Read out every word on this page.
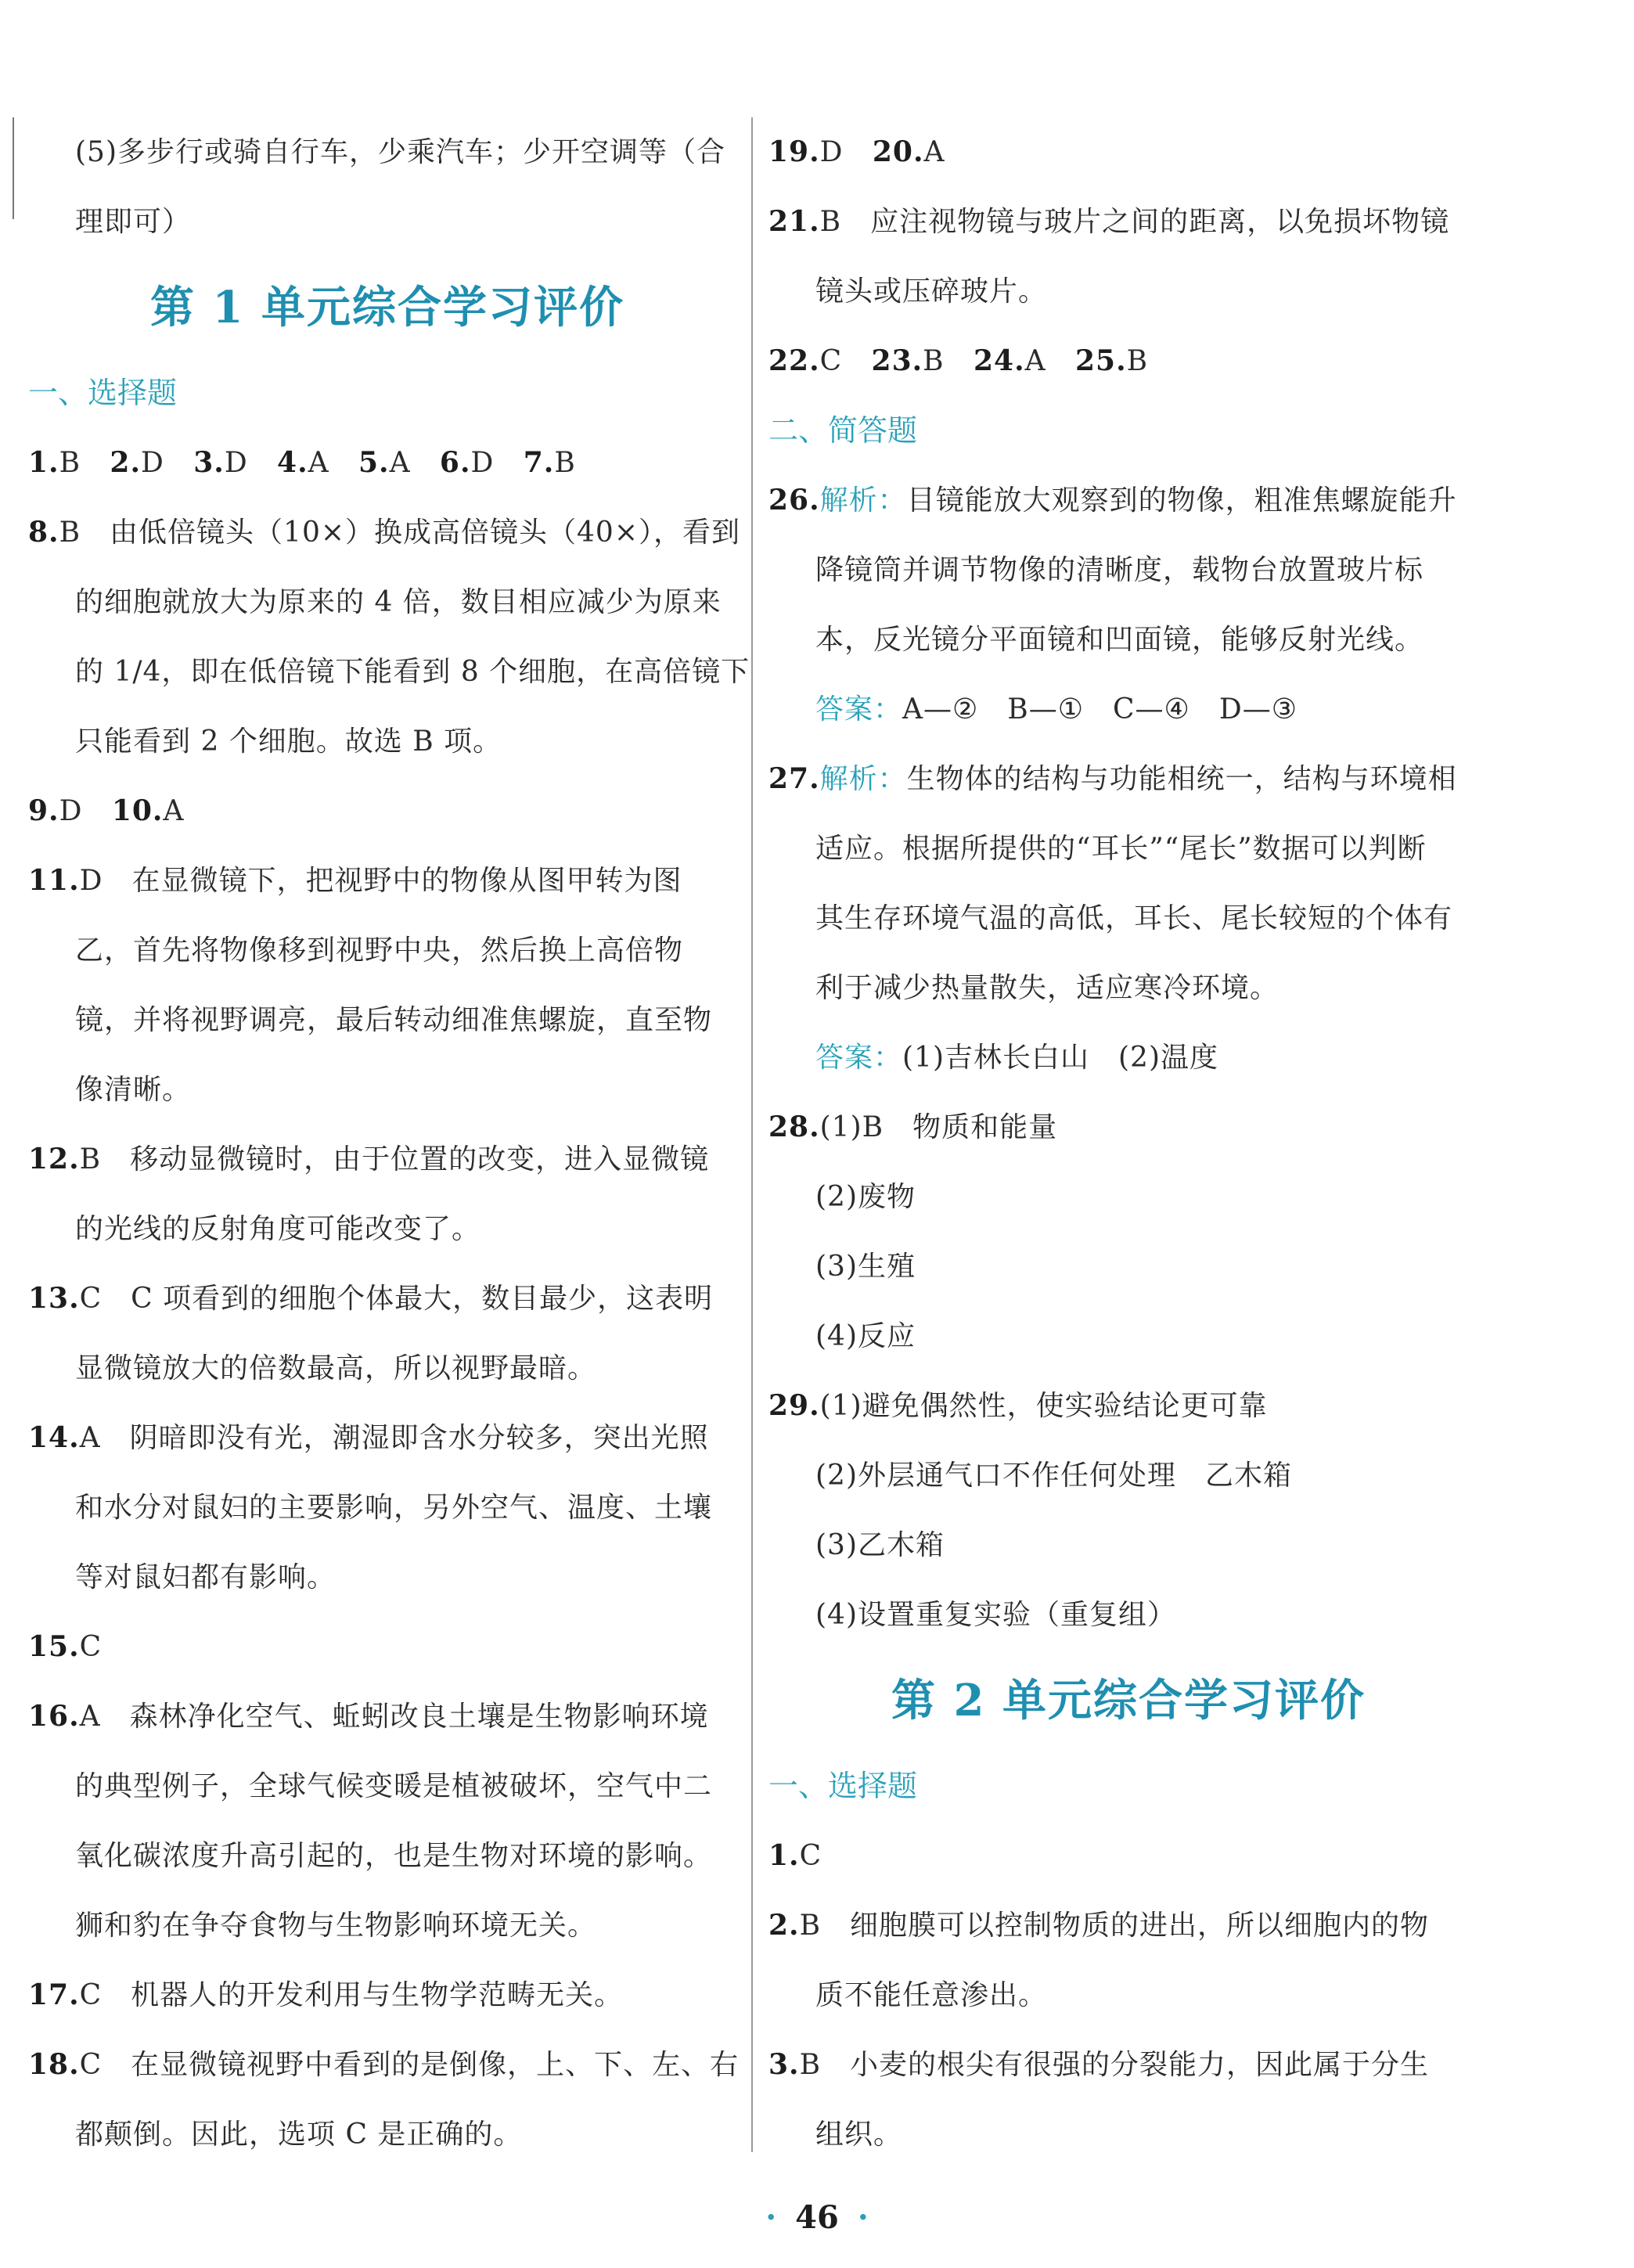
(5)多步行或骑自行车，少乘汽车；少开空调等（合
理即可）
第 1 单元综合学习评价
一、选择题
1.B 2.D 3.D 4.A 5.A 6.D 7.B
8.B　由低倍镜头（10×）换成高倍镜头（40×），看到
的细胞就放大为原来的 4 倍，数目相应减少为原来
的 1/4，即在低倍镜下能看到 8 个细胞，在高倍镜下
只能看到 2 个细胞。故选 B 项。
9.D 10.A
11.D　在显微镜下，把视野中的物像从图甲转为图
乙，首先将物像移到视野中央，然后换上高倍物
镜，并将视野调亮，最后转动细准焦螺旋，直至物
像清晰。
12.B　移动显微镜时，由于位置的改变，进入显微镜
的光线的反射角度可能改变了。
13.C　C 项看到的细胞个体最大，数目最少，这表明
显微镜放大的倍数最高，所以视野最暗。
14.A　阴暗即没有光，潮湿即含水分较多，突出光照
和水分对鼠妇的主要影响，另外空气、温度、土壤
等对鼠妇都有影响。
15.C
16.A　森林净化空气、蚯蚓改良土壤是生物影响环境
的典型例子，全球气候变暖是植被破坏，空气中二
氧化碳浓度升高引起的，也是生物对环境的影响。
狮和豹在争夺食物与生物影响环境无关。
17.C　机器人的开发利用与生物学范畴无关。
18.C　在显微镜视野中看到的是倒像，上、下、左、右
都颠倒。因此，选项 C 是正确的。
19.D 20.A
21.B　应注视物镜与玻片之间的距离，以免损坏物镜
镜头或压碎玻片。
22.C 23.B 24.A 25.B
二、简答题
26.解析：目镜能放大观察到的物像，粗准焦螺旋能升
降镜筒并调节物像的清晰度，载物台放置玻片标
本，反光镜分平面镜和凹面镜，能够反射光线。
答案：A—②　B—①　C—④　D—③
27.解析：生物体的结构与功能相统一，结构与环境相
适应。根据所提供的“耳长”“尾长”数据可以判断
其生存环境气温的高低，耳长、尾长较短的个体有
利于减少热量散失，适应寒冷环境。
答案：(1)吉林长白山　(2)温度
28.(1)B　物质和能量
(2)废物
(3)生殖
(4)反应
29.(1)避免偶然性，使实验结论更可靠
(2)外层通气口不作任何处理　乙木箱
(3)乙木箱
(4)设置重复实验（重复组）
第 2 单元综合学习评价
一、选择题
1.C
2.B　细胞膜可以控制物质的进出，所以细胞内的物
质不能任意渗出。
3.B　小麦的根尖有很强的分裂能力，因此属于分生
组织。
· 46 ·
